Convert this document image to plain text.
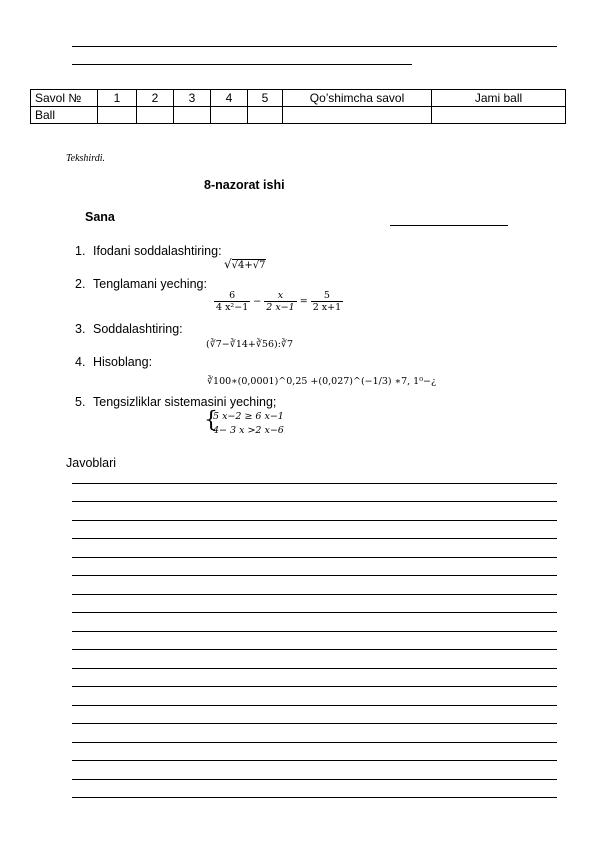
Savol №	1	2	3	4	5	Qo’shimcha savol	Jami ball
Ball							
Tekshirdi.
8-nazorat ishi
Sana
1. Ifodani soddalashtiring:
√√4+√7
2. Tenglamani yeching:
$\frac{6}{\text{4 x²−1}} - \frac{x}{2 x-1} = \frac{5}{2 x+1}$
3. Soddalashtiring:
(∛7−∛14+∛56):∛7
4. Hisoblang:
∛100∗(0,0001)^0,25 +(0,027)^(−1/3) ∗7, 1⁰−¿
5. Tengsizliklar sistemasini yeching;
{
5 x−2 ≥ 6 x−1
4− 3 x >2 x−6
Javoblari
